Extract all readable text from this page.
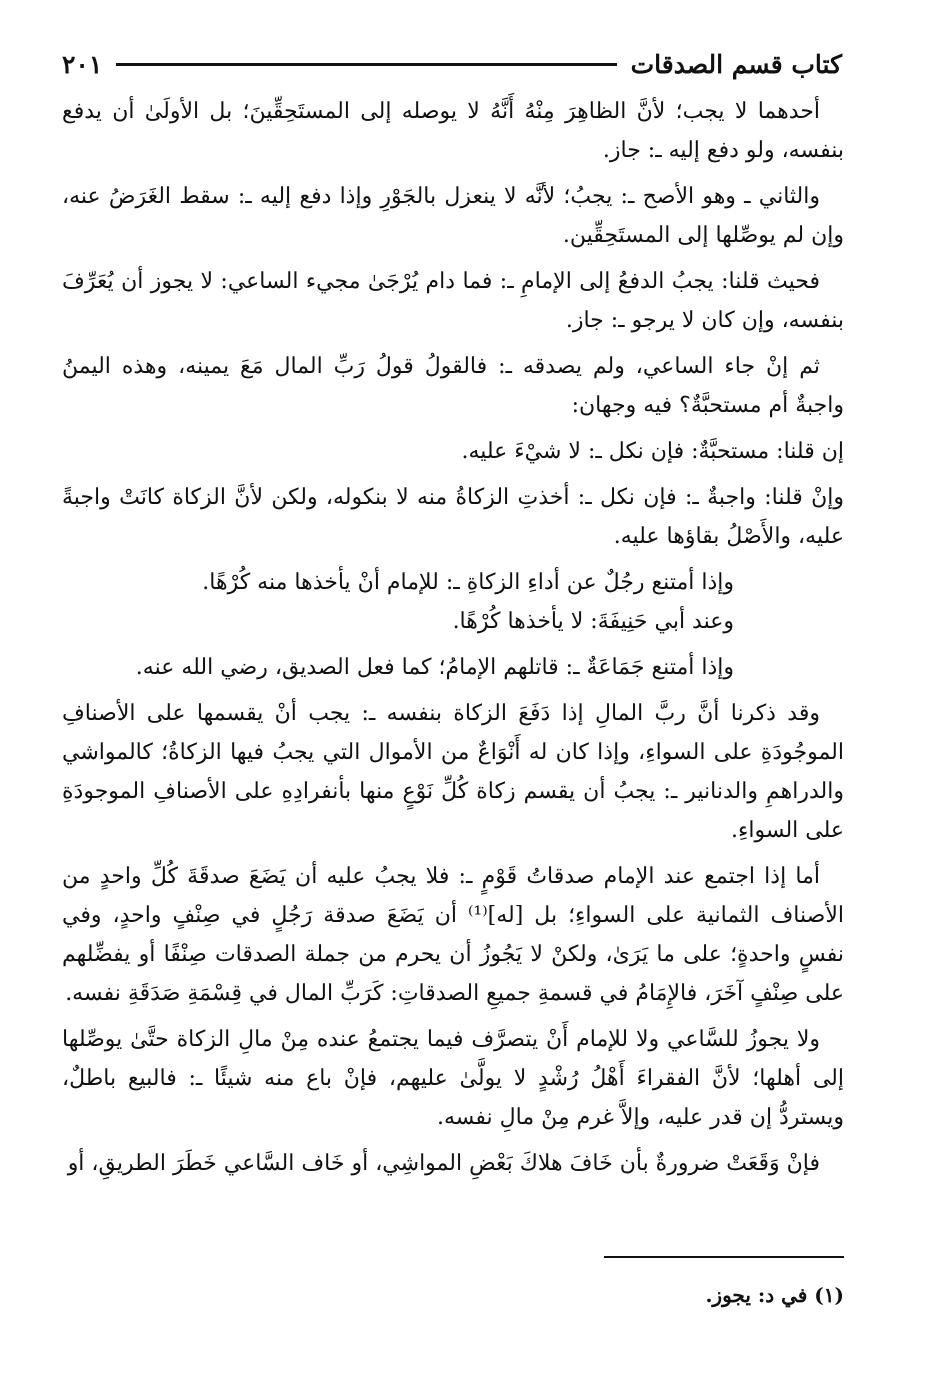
كتاب قسم الصدقات
٢٠١

أحدهما لا يجب؛ لأنَّ الظاهِرَ مِنْهُ أَنَّهُ لا يوصله إلى المستَحِقِّينَ؛ بل الأولَىٰ أن يدفع بنفسه، ولو دفع إليه ـ: جاز.

والثاني ـ وهو الأصح ـ: يجبُ؛ لأنَّه لا ينعزل بالجَوْرِ وإذا دفع إليه ـ: سقط الغَرَضُ عنه، وإن لم يوصِّلها إلى المستَحِقِّين.

فحيث قلنا: يجبُ الدفعُ إلى الإمامِ ـ: فما دام يُرْجَىٰ مجيء الساعي: لا يجوز أن يُعَرِّفَ بنفسه، وإن كان لا يرجو ـ: جاز.

ثم إنْ جاء الساعي، ولم يصدقه ـ: فالقولُ قولُ رَبِّ المال مَعَ يمينه، وهذه اليمنُ واجبةٌ أم مستحبَّةٌ؟ فيه وجهان:

إن قلنا: مستحبَّةٌ: فإن نكل ـ: لا شيْءَ عليه.

وإنْ قلنا: واجبةٌ ـ: فإن نكل ـ: أخذتِ الزكاةُ منه لا بنكوله، ولكن لأنَّ الزكاة كانَتْ واجبةً عليه، والأَصْلُ بقاؤها عليه.

وإذا أمتنع رجُلٌ عن أداءِ الزكاةِ ـ: للإمام أنْ يأخذها منه كُرْهًا.

وعند أبي حَنِيفَةَ: لا يأخذها كُرْهًا.

وإذا أمتنع جَمَاعَةٌ ـ: قاتلهم الإمامُ؛ كما فعل الصديق، رضي الله عنه.

وقد ذكرنا أنَّ ربَّ المالِ إذا دَفَعَ الزكاة بنفسه ـ: يجب أنْ يقسمها على الأصنافِ الموجُودَةِ على السواءِ، وإذا كان له أَنْوَاعٌ من الأموال التي يجبُ فيها الزكاةُ؛ كالمواشي والدراهمِ والدنانير ـ: يجبُ أن يقسم زكاة كُلِّ نَوْعٍ منها بأنفرادِهِ على الأصنافِ الموجودَةِ على السواءِ.

أما إذا اجتمع عند الإمام صدقاتُ قَوْمٍ ـ: فلا يجبُ عليه أن يَضَعَ صدقَةَ كُلِّ واحدٍ من الأصناف الثمانية على السواءِ؛ بل [له]⁽¹⁾ أن يَضَعَ صدقة رَجُلٍ في صِنْفٍ واحدٍ، وفي نفسٍ واحدةٍ؛ على ما يَرَىٰ، ولكنْ لا يَجُوزُ أن يحرم من جملة الصدقات صِنْفًا أو يفضِّلهم على صِنْفٍ آخَرَ، فالإِمَامُ في قسمةِ جميعِ الصدقاتِ: كَرَبِّ المال في قِسْمَةِ صَدَقَةِ نفسه.

ولا يجوزُ للسَّاعي ولا للإمام أَنْ يتصرَّف فيما يجتمعُ عنده مِنْ مالِ الزكاة حتَّىٰ يوصِّلها إلى أهلها؛ لأنَّ الفقراءَ أَهْلُ رُشْدٍ لا يولَّىٰ عليهم، فإنْ باع منه شيئًا ـ: فالبيع باطلٌ، ويستردُّ إن قدر عليه، وإلاَّ غرم مِنْ مالِ نفسه.

فإنْ وَقَعَتْ ضرورةٌ بأن خَافَ هلاكَ بَعْضِ المواشِي، أو خَاف السَّاعي خَطَرَ الطريقِ، أو

(١) في د: يجوز.
